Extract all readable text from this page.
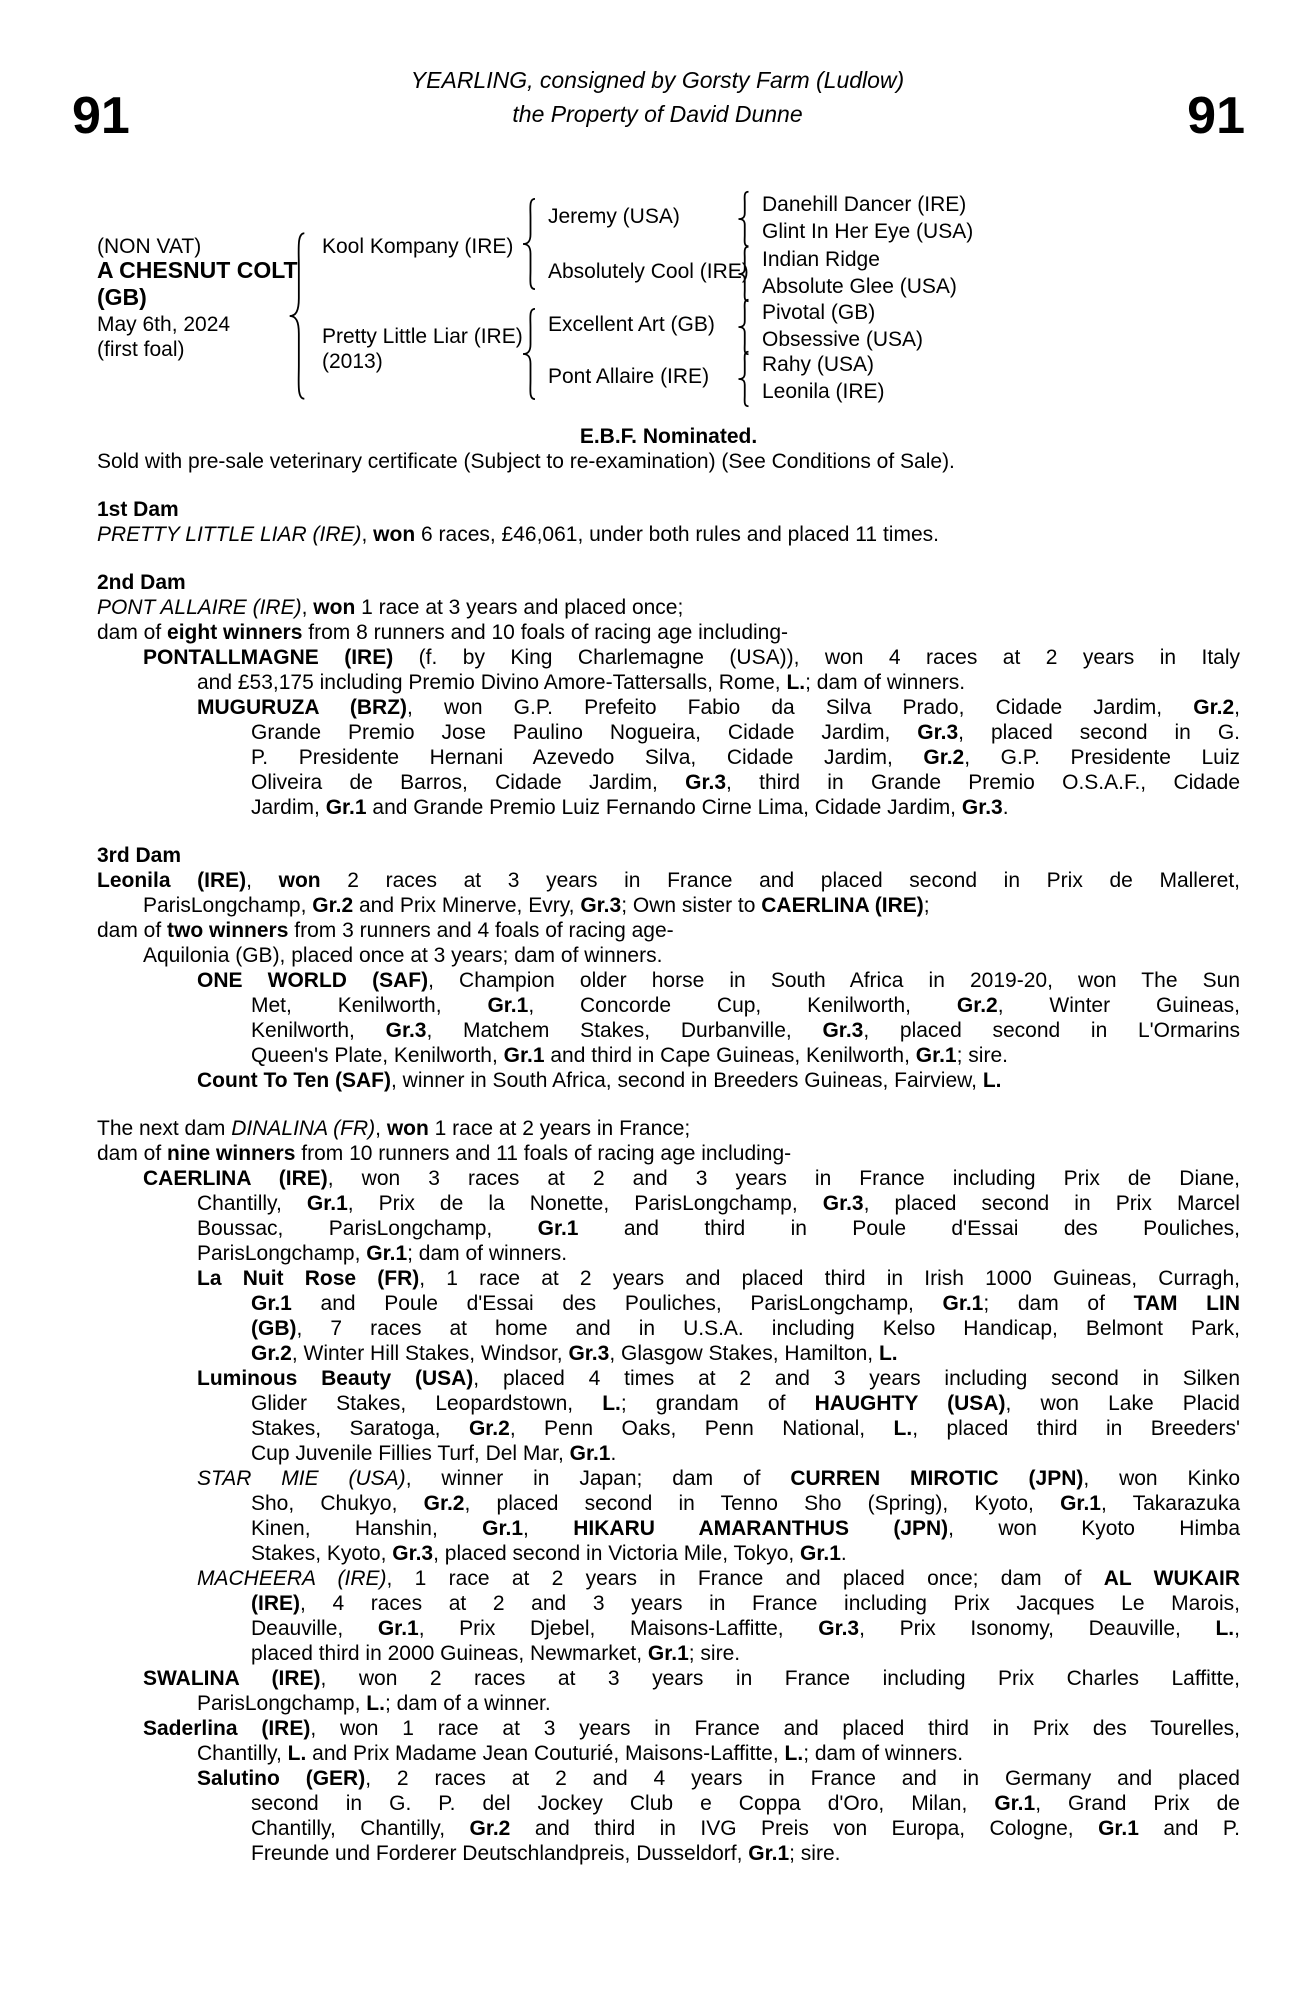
91	91
YEARLING, consigned by Gorsty Farm (Ludlow)
the Property of David Dunne
(NON VAT)
A CHESNUT COLT
(GB)
May 6th, 2024
(first foal)
Kool Kompany (IRE)
Pretty Little Liar (IRE)
(2013)
Jeremy (USA)
Absolutely Cool (IRE)
Excellent Art (GB)
Pont Allaire (IRE)
Danehill Dancer (IRE)
Glint In Her Eye (USA)
Indian Ridge
Absolute Glee (USA)
Pivotal (GB)
Obsessive (USA)
Rahy (USA)
Leonila (IRE)
E.B.F. Nominated.
Sold with pre-sale veterinary certificate (Subject to re-examination) (See Conditions of Sale).
1st Dam
PRETTY LITTLE LIAR (IRE), won 6 races, £46,061, under both rules and placed 11 times.
2nd Dam
PONT ALLAIRE (IRE), won 1 race at 3 years and placed once;
dam of eight winners from 8 runners and 10 foals of racing age including-
PONTALLMAGNE (IRE) (f. by King Charlemagne (USA)), won 4 races at 2 years in Italy
and £53,175 including Premio Divino Amore-Tattersalls, Rome, L.; dam of winners.
MUGURUZA (BRZ), won G.P. Prefeito Fabio da Silva Prado, Cidade Jardim, Gr.2,
Grande Premio Jose Paulino Nogueira, Cidade Jardim, Gr.3, placed second in G.
P. Presidente Hernani Azevedo Silva, Cidade Jardim, Gr.2, G.P. Presidente Luiz
Oliveira de Barros, Cidade Jardim, Gr.3, third in Grande Premio O.S.A.F., Cidade
Jardim, Gr.1 and Grande Premio Luiz Fernando Cirne Lima, Cidade Jardim, Gr.3.
3rd Dam
Leonila (IRE), won 2 races at 3 years in France and placed second in Prix de Malleret,
ParisLongchamp, Gr.2 and Prix Minerve, Evry, Gr.3; Own sister to CAERLINA (IRE);
dam of two winners from 3 runners and 4 foals of racing age-
Aquilonia (GB), placed once at 3 years; dam of winners.
ONE WORLD (SAF), Champion older horse in South Africa in 2019-20, won The Sun
Met, Kenilworth, Gr.1, Concorde Cup, Kenilworth, Gr.2, Winter Guineas,
Kenilworth, Gr.3, Matchem Stakes, Durbanville, Gr.3, placed second in L'Ormarins
Queen's Plate, Kenilworth, Gr.1 and third in Cape Guineas, Kenilworth, Gr.1; sire.
Count To Ten (SAF), winner in South Africa, second in Breeders Guineas, Fairview, L.
The next dam DINALINA (FR), won 1 race at 2 years in France;
dam of nine winners from 10 runners and 11 foals of racing age including-
CAERLINA (IRE), won 3 races at 2 and 3 years in France including Prix de Diane,
Chantilly, Gr.1, Prix de la Nonette, ParisLongchamp, Gr.3, placed second in Prix Marcel
Boussac, ParisLongchamp, Gr.1 and third in Poule d'Essai des Pouliches,
ParisLongchamp, Gr.1; dam of winners.
La Nuit Rose (FR), 1 race at 2 years and placed third in Irish 1000 Guineas, Curragh,
Gr.1 and Poule d'Essai des Pouliches, ParisLongchamp, Gr.1; dam of TAM LIN
(GB), 7 races at home and in U.S.A. including Kelso Handicap, Belmont Park,
Gr.2, Winter Hill Stakes, Windsor, Gr.3, Glasgow Stakes, Hamilton, L.
Luminous Beauty (USA), placed 4 times at 2 and 3 years including second in Silken
Glider Stakes, Leopardstown, L.; grandam of HAUGHTY (USA), won Lake Placid
Stakes, Saratoga, Gr.2, Penn Oaks, Penn National, L., placed third in Breeders'
Cup Juvenile Fillies Turf, Del Mar, Gr.1.
STAR MIE (USA), winner in Japan; dam of CURREN MIROTIC (JPN), won Kinko
Sho, Chukyo, Gr.2, placed second in Tenno Sho (Spring), Kyoto, Gr.1, Takarazuka
Kinen, Hanshin, Gr.1, HIKARU AMARANTHUS (JPN), won Kyoto Himba
Stakes, Kyoto, Gr.3, placed second in Victoria Mile, Tokyo, Gr.1.
MACHEERA (IRE), 1 race at 2 years in France and placed once; dam of AL WUKAIR
(IRE), 4 races at 2 and 3 years in France including Prix Jacques Le Marois,
Deauville, Gr.1, Prix Djebel, Maisons-Laffitte, Gr.3, Prix Isonomy, Deauville, L.,
placed third in 2000 Guineas, Newmarket, Gr.1; sire.
SWALINA (IRE), won 2 races at 3 years in France including Prix Charles Laffitte,
ParisLongchamp, L.; dam of a winner.
Saderlina (IRE), won 1 race at 3 years in France and placed third in Prix des Tourelles,
Chantilly, L. and Prix Madame Jean Couturié, Maisons-Laffitte, L.; dam of winners.
Salutino (GER), 2 races at 2 and 4 years in France and in Germany and placed
second in G. P. del Jockey Club e Coppa d'Oro, Milan, Gr.1, Grand Prix de
Chantilly, Chantilly, Gr.2 and third in IVG Preis von Europa, Cologne, Gr.1 and P.
Freunde und Forderer Deutschlandpreis, Dusseldorf, Gr.1; sire.
